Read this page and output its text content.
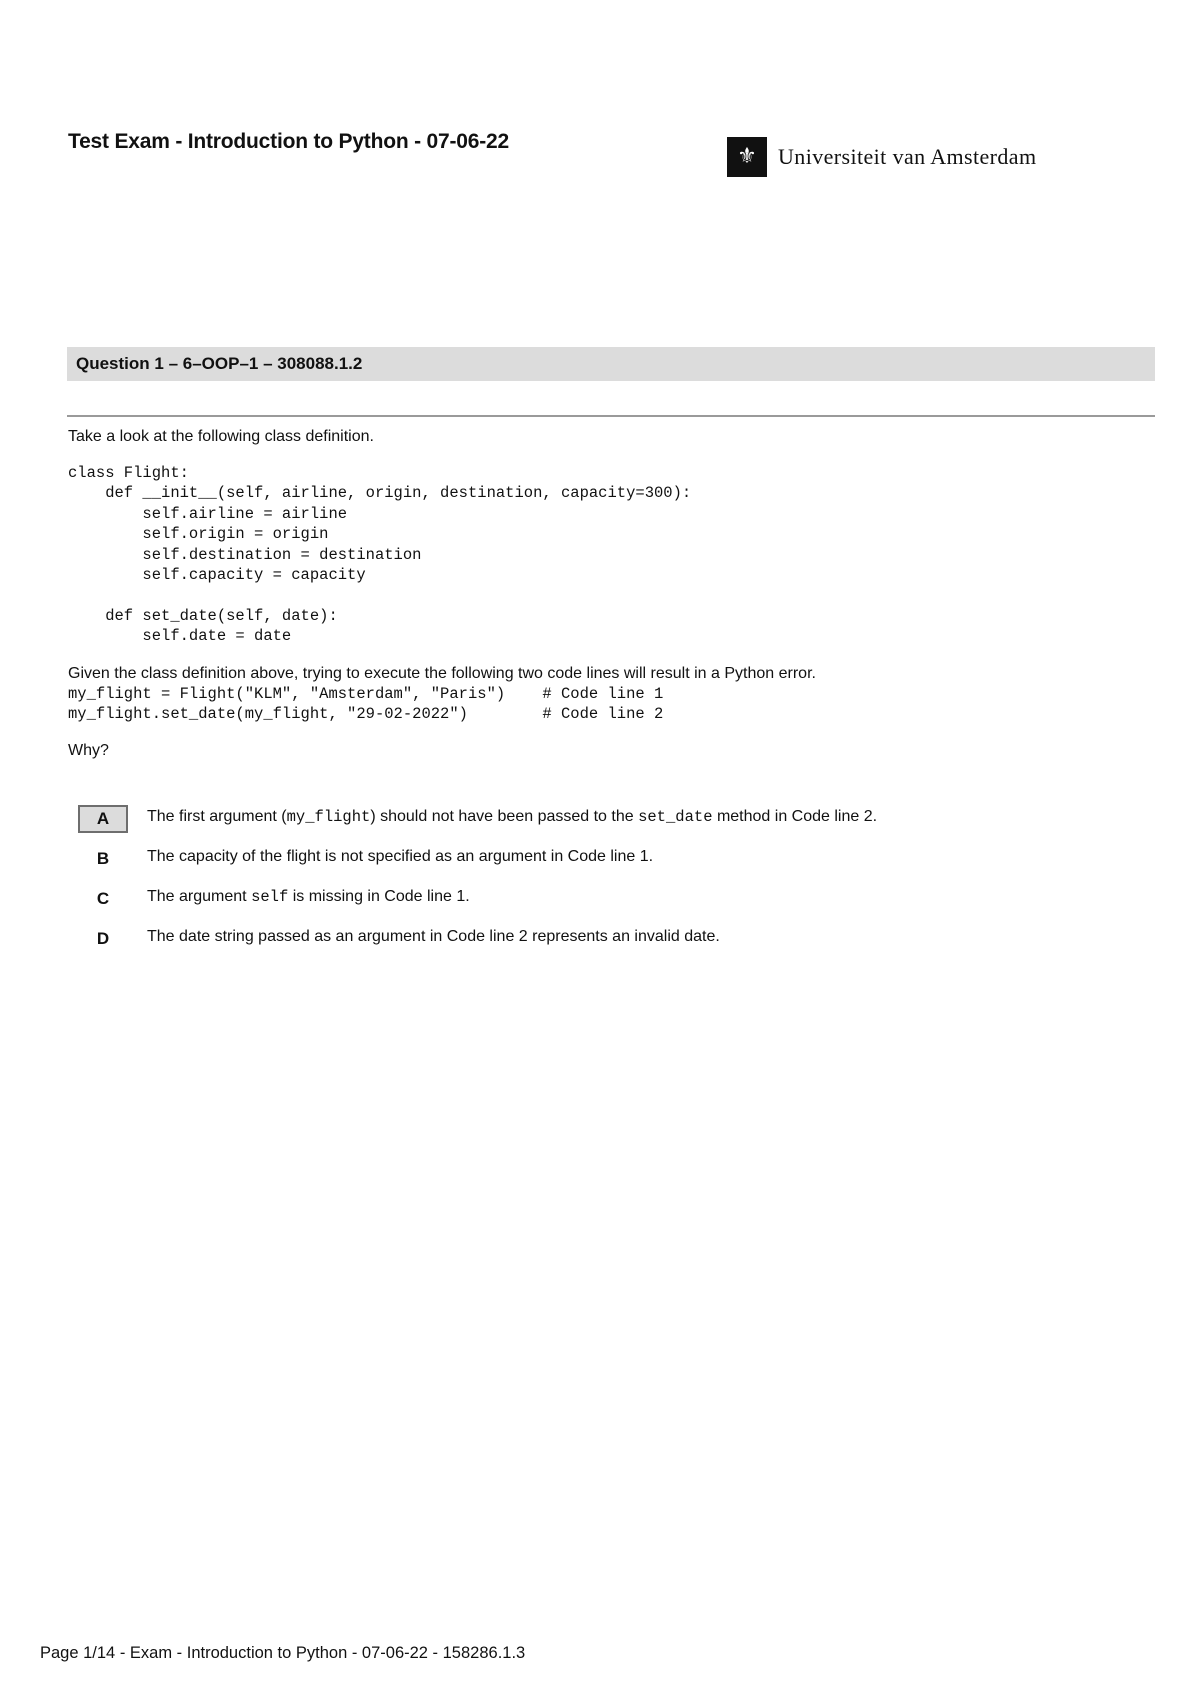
Test Exam - Introduction to Python - 07-06-22
⚜ Universiteit van Amsterdam
Question 1 – 6–OOP–1 – 308088.1.2

Take a look at the following class definition.

class Flight:
def __init__(self, airline, origin, destination, capacity=300):
self.airline = airline
self.origin = origin
self.destination = destination
self.capacity = capacity

def set_date(self, date):
self.date = date

Given the class definition above, trying to execute the following two code lines will result in a Python error.

my_flight = Flight("KLM", "Amsterdam", "Paris")    # Code line 1
my_flight.set_date(my_flight, "29-02-2022")        # Code line 2

Why?

A	The first argument (my_flight) should not have been passed to the set_date method in Code line 2.
B	The capacity of the flight is not specified as an argument in Code line 1.
C	The argument self is missing in Code line 1.
D	The date string passed as an argument in Code line 2 represents an invalid date.
Page 1/14 - Exam - Introduction to Python - 07-06-22 - 158286.1.3
